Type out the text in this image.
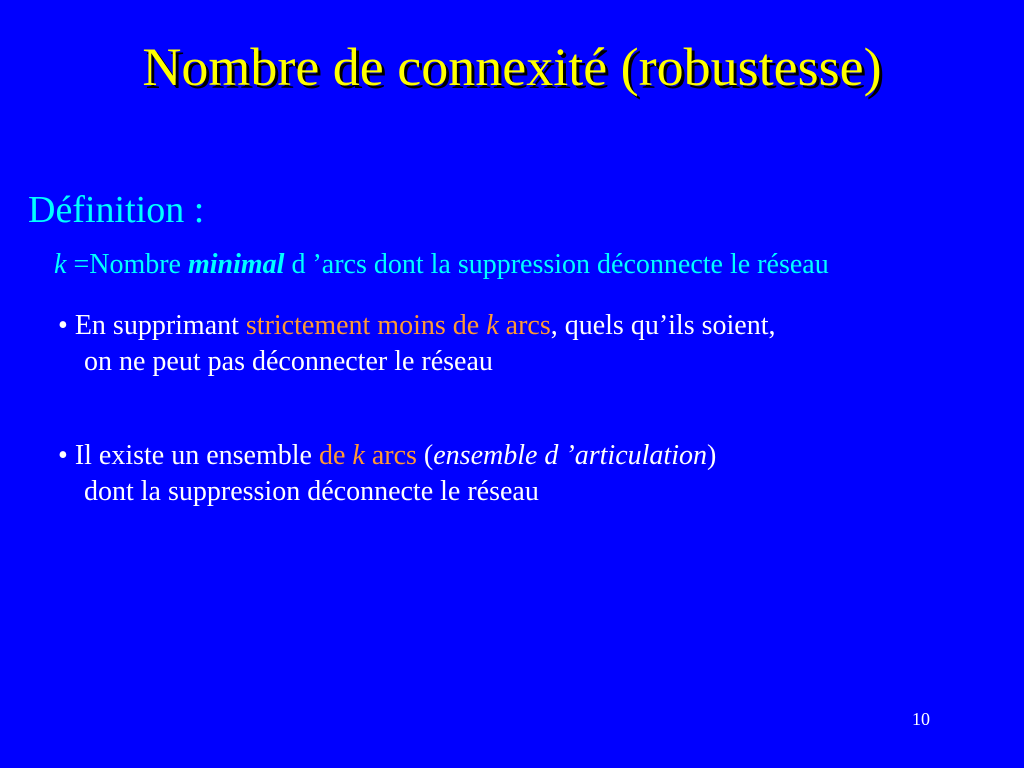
Nombre de connexité (robustesse)
Définition :
k =Nombre minimal d ’arcs dont la suppression déconnecte le réseau
• En supprimant strictement moins de k arcs, quels qu’ils soient,
on ne peut pas déconnecter le réseau
• Il existe un ensemble de k arcs (ensemble d ’articulation)
dont la suppression déconnecte le réseau
10
